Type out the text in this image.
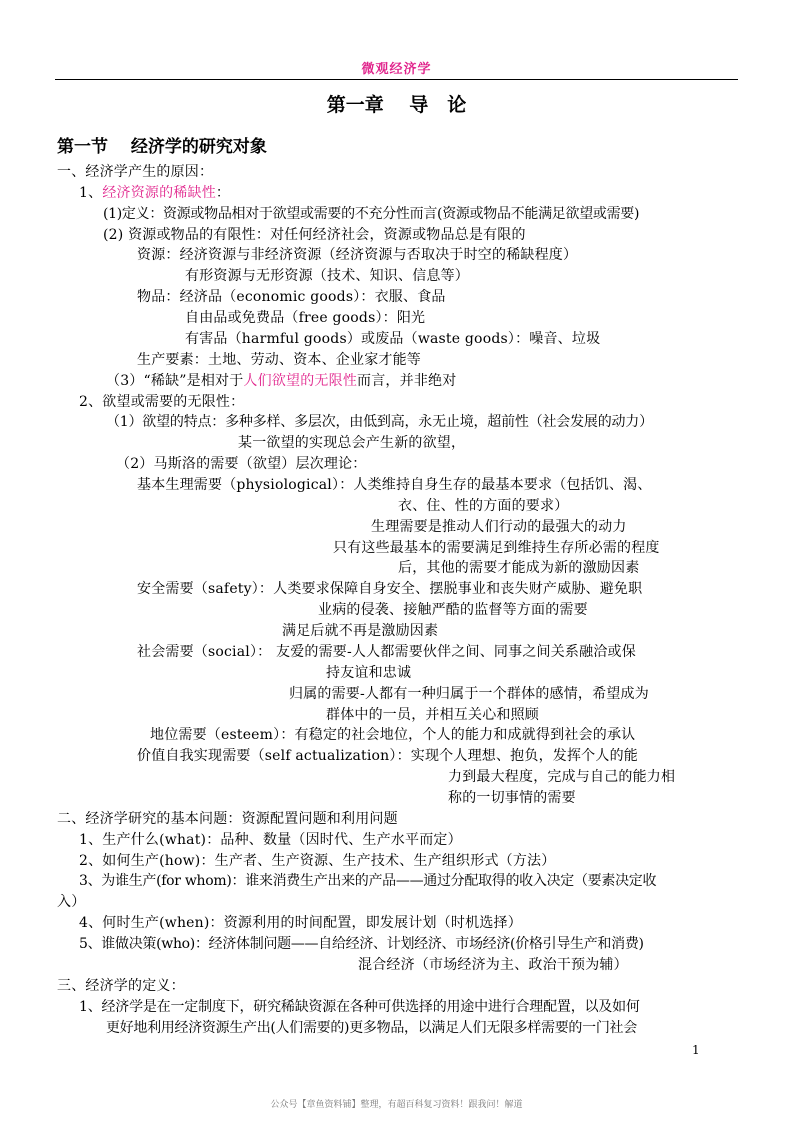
微观经济学
第一章　 导　论
第一节　 经济学的研究对象
一、经济学产生的原因：
1、经济资源的稀缺性：
(1)定义：资源或物品相对于欲望或需要的不充分性而言(资源或物品不能满足欲望或需要)
(2) 资源或物品的有限性：对任何经济社会，资源或物品总是有限的
资源：经济资源与非经济资源（经济资源与否取决于时空的稀缺程度）
有形资源与无形资源（技术、知识、信息等）
物品：经济品（economic goods）：衣服、食品
自由品或免费品（free goods）：阳光
有害品（harmful goods）或废品（waste goods）：噪音、垃圾
生产要素：土地、劳动、资本、企业家才能等
（3）“稀缺”是相对于人们欲望的无限性而言，并非绝对
2、欲望或需要的无限性：
（1）欲望的特点：多种多样、多层次，由低到高，永无止境，超前性（社会发展的动力）
某一欲望的实现总会产生新的欲望，
（2）马斯洛的需要（欲望）层次理论：
基本生理需要（physiological）：人类维持自身生存的最基本要求（包括饥、渴、
衣、住、性的方面的要求）
生理需要是推动人们行动的最强大的动力
只有这些最基本的需要满足到维持生存所必需的程度
后，其他的需要才能成为新的激励因素
安全需要（safety）：人类要求保障自身安全、摆脱事业和丧失财产威胁、避免职
业病的侵袭、接触严酷的监督等方面的需要
满足后就不再是激励因素
社会需要（social）： 友爱的需要-人人都需要伙伴之间、同事之间关系融洽或保
持友谊和忠诚
归属的需要-人都有一种归属于一个群体的感情，希望成为
群体中的一员，并相互关心和照顾
地位需要（esteem）：有稳定的社会地位，个人的能力和成就得到社会的承认
价值自我实现需要（self actualization）：实现个人理想、抱负，发挥个人的能
力到最大程度，完成与自己的能力相
称的一切事情的需要
二、经济学研究的基本问题：资源配置问题和利用问题
1、生产什么(what)：品种、数量（因时代、生产水平而定）
2、如何生产(how)：生产者、生产资源、生产技术、生产组织形式（方法）
3、为谁生产(for whom)：谁来消费生产出来的产品——通过分配取得的收入决定（要素决定收
入）
4、何时生产(when)：资源利用的时间配置，即发展计划（时机选择）
5、谁做决策(who)：经济体制问题——自给经济、计划经济、市场经济(价格引导生产和消费)
混合经济（市场经济为主、政治干预为辅）
三、经济学的定义：
1、经济学是在一定制度下，研究稀缺资源在各种可供选择的用途中进行合理配置，以及如何
更好地利用经济资源生产出(人们需要的)更多物品，以满足人们无限多样需要的一门社会
1
公众号【章鱼资料铺】整理，有超百科复习资料！跟我问！解道
